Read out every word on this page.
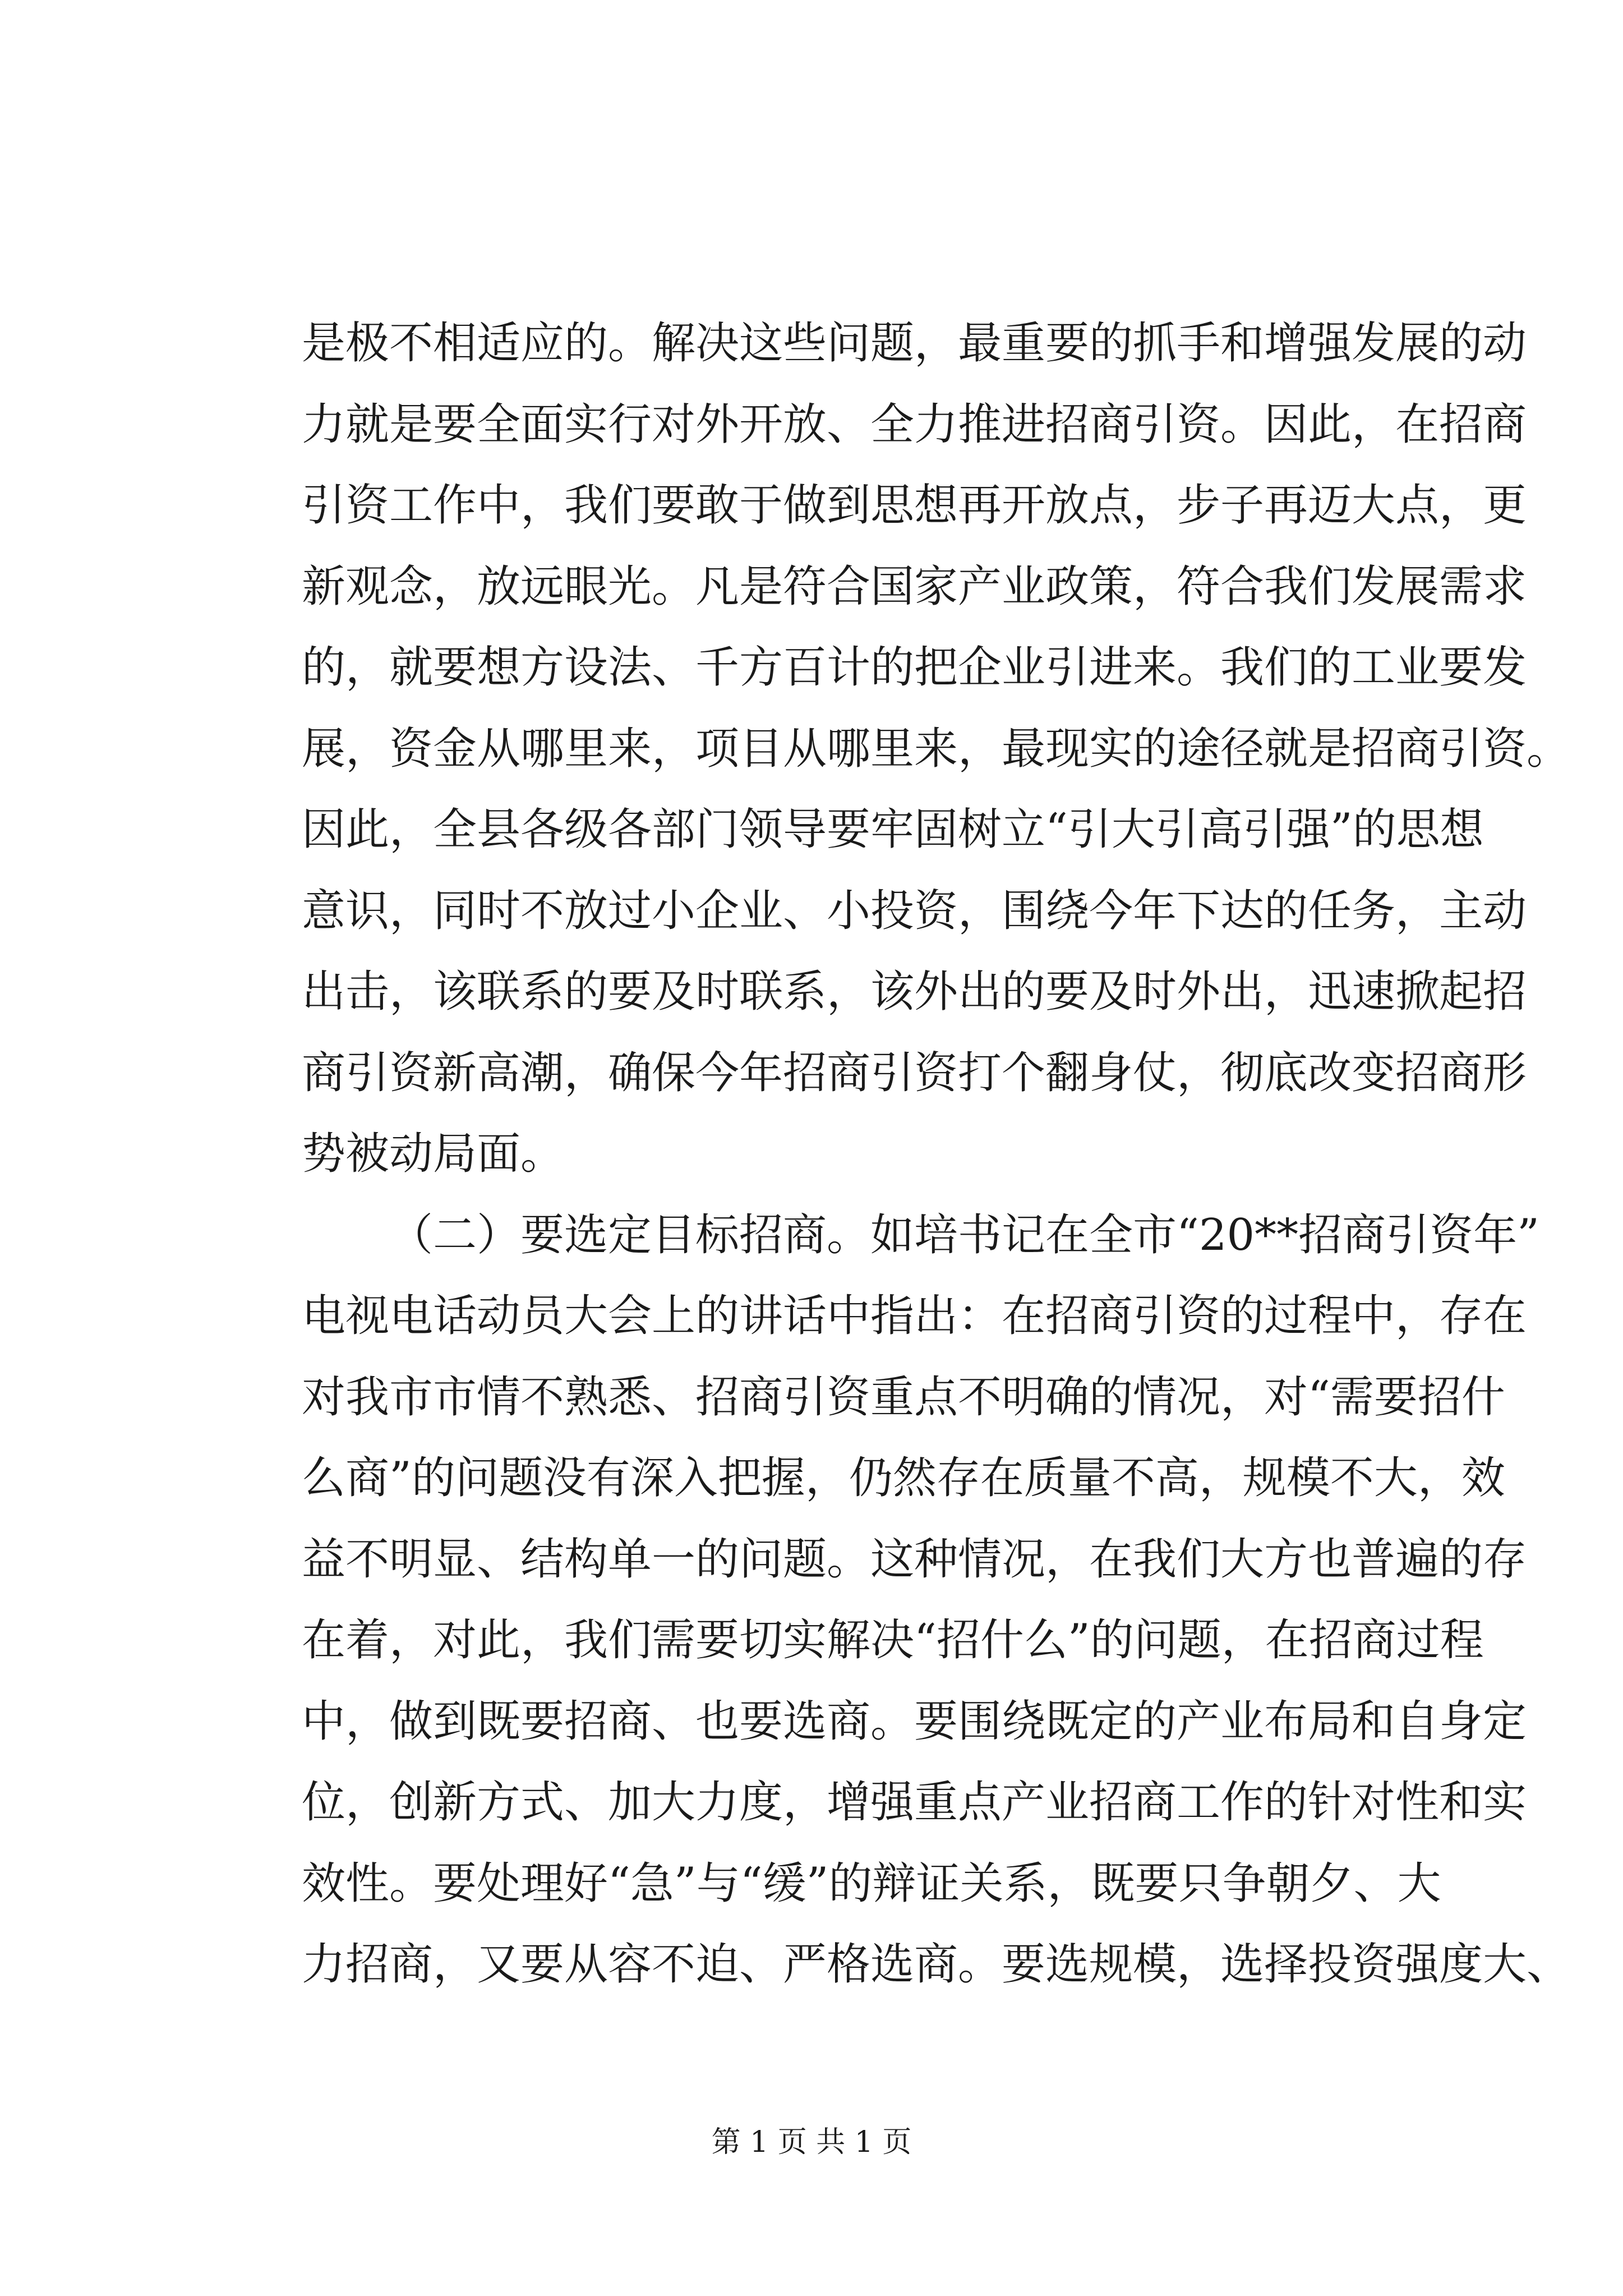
是极不相适应的。解决这些问题，最重要的抓手和增强发展的动
力就是要全面实行对外开放、全力推进招商引资。因此，在招商
引资工作中，我们要敢于做到思想再开放点，步子再迈大点，更
新观念，放远眼光。凡是符合国家产业政策，符合我们发展需求
的，就要想方设法、千方百计的把企业引进来。我们的工业要发
展，资金从哪里来，项目从哪里来，最现实的途径就是招商引资。
因此，全县各级各部门领导要牢固树立“引大引高引强”的思想
意识，同时不放过小企业、小投资，围绕今年下达的任务，主动
出击，该联系的要及时联系，该外出的要及时外出，迅速掀起招
商引资新高潮，确保今年招商引资打个翻身仗，彻底改变招商形
势被动局面。
（二）要选定目标招商。如培书记在全市“20**招商引资年”
电视电话动员大会上的讲话中指出：在招商引资的过程中，存在
对我市市情不熟悉、招商引资重点不明确的情况，对“需要招什
么商”的问题没有深入把握，仍然存在质量不高，规模不大，效
益不明显、结构单一的问题。这种情况，在我们大方也普遍的存
在着，对此，我们需要切实解决“招什么”的问题，在招商过程
中，做到既要招商、也要选商。要围绕既定的产业布局和自身定
位，创新方式、加大力度，增强重点产业招商工作的针对性和实
效性。要处理好“急”与“缓”的辩证关系，既要只争朝夕、大
力招商，又要从容不迫、严格选商。要选规模，选择投资强度大、
第 1 页 共 1 页
